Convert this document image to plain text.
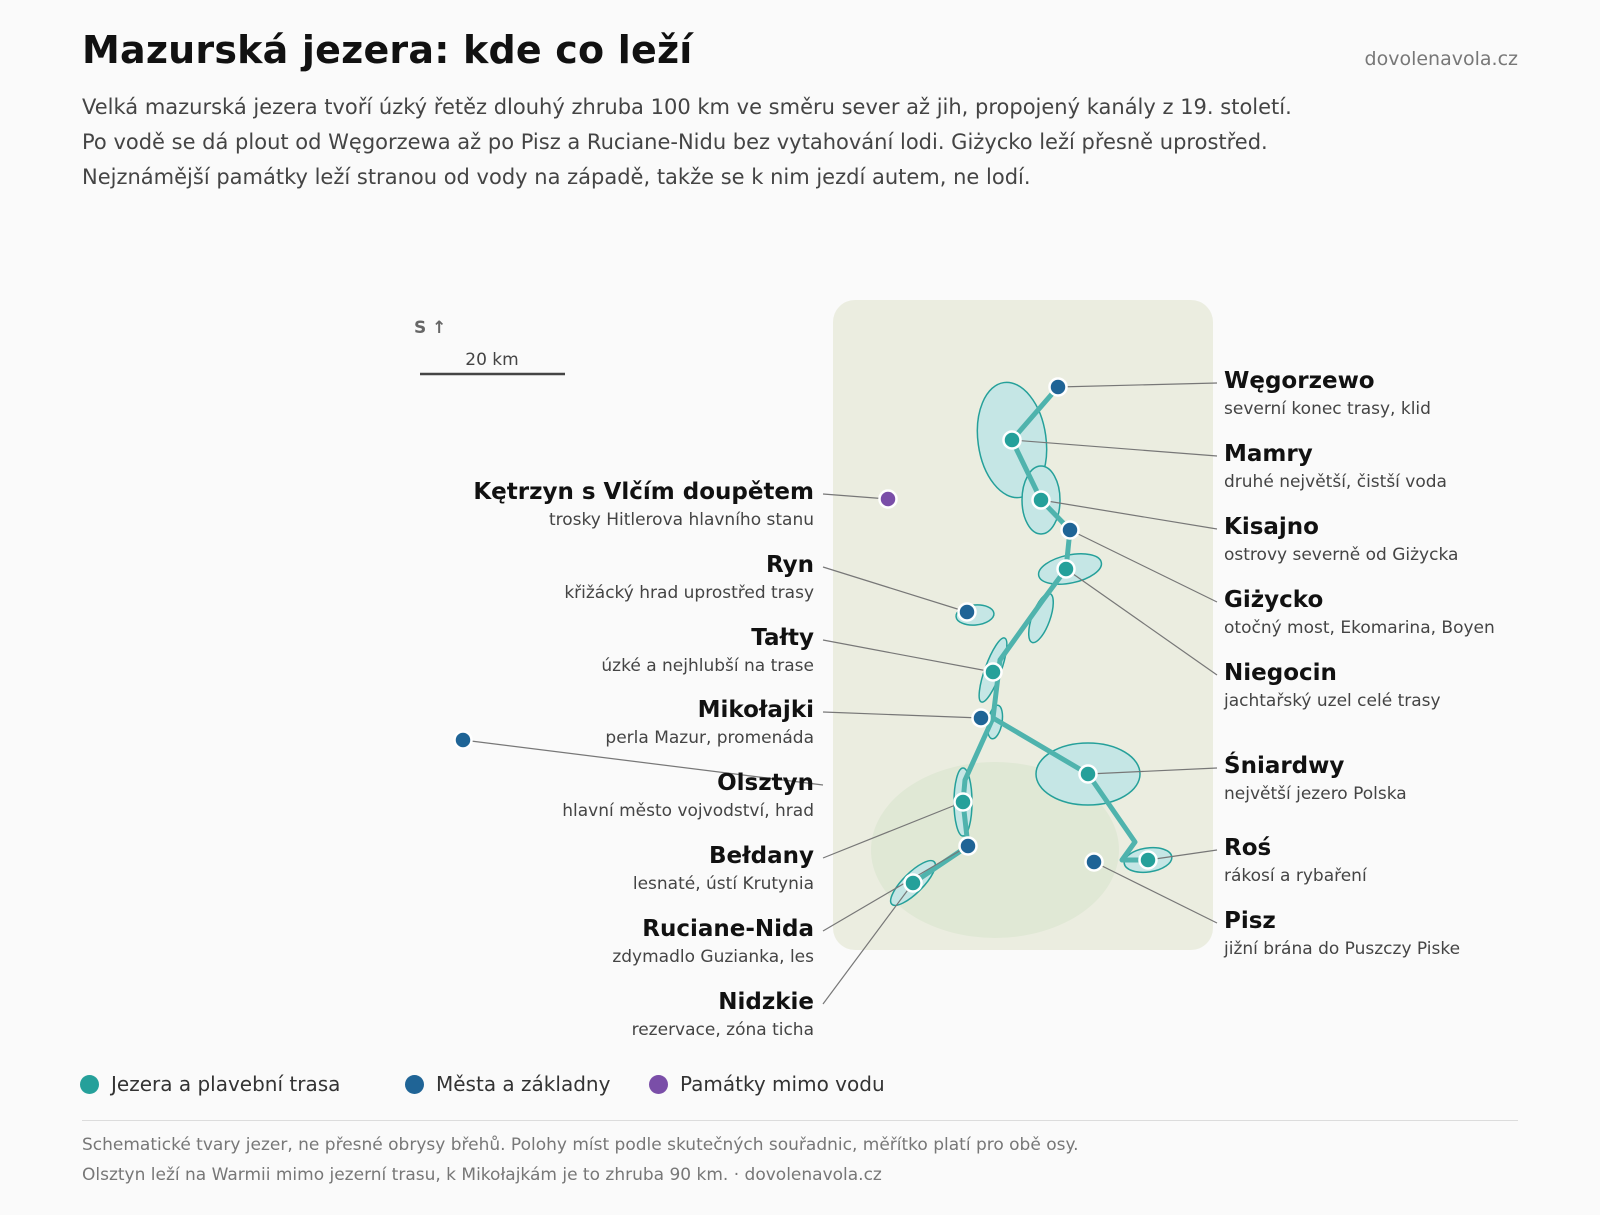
Mazurská jezera: kde co leží	dovolenavola.cz

Velká mazurská jezera tvoří úzký řetěz dlouhý zhruba 100 km ve směru sever až jih, propojený kanály z 19. století.

Po vodě se dá plout od Węgorzewa až po Pisz a Ruciane-Nidu bez vytahování lodi. Giżycko leží přesně uprostřed.

Nejznámější památky leží stranou od vody na západě, takže se k nim jezdí autem, ne lodí.

S ↑
20 km
Węgorzewo
severní konec trasy, klid
Mamry
druhé největší, čistší voda
Kisajno
ostrovy severně od Giżycka
Giżycko
otočný most, Ekomarina, Boyen
Niegocin
jachtařský uzel celé trasy
Śniardwy
největší jezero Polska
Roś
rákosí a rybaření
Pisz
jižní brána do Puszczy Piske
Kętrzyn s Vlčím doupětem
trosky Hitlerova hlavního stanu
Ryn
křižácký hrad uprostřed trasy
Tałty
úzké a nejhlubší na trase
Mikołajki
perla Mazur, promenáda
Olsztyn
hlavní město vojvodství, hrad
Bełdany
lesnaté, ústí Krutynia
Ruciane-Nida
zdymadlo Guzianka, les
Nidzkie
rezervace, zóna ticha
Jezera a plavební trasa	Města a základny	Památky mimo vodu

Schematické tvary jezer, ne přesné obrysy břehů. Polohy míst podle skutečných souřadnic, měřítko platí pro obě osy.

Olsztyn leží na Warmii mimo jezerní trasu, k Mikołajkám je to zhruba 90 km. · dovolenavola.cz
